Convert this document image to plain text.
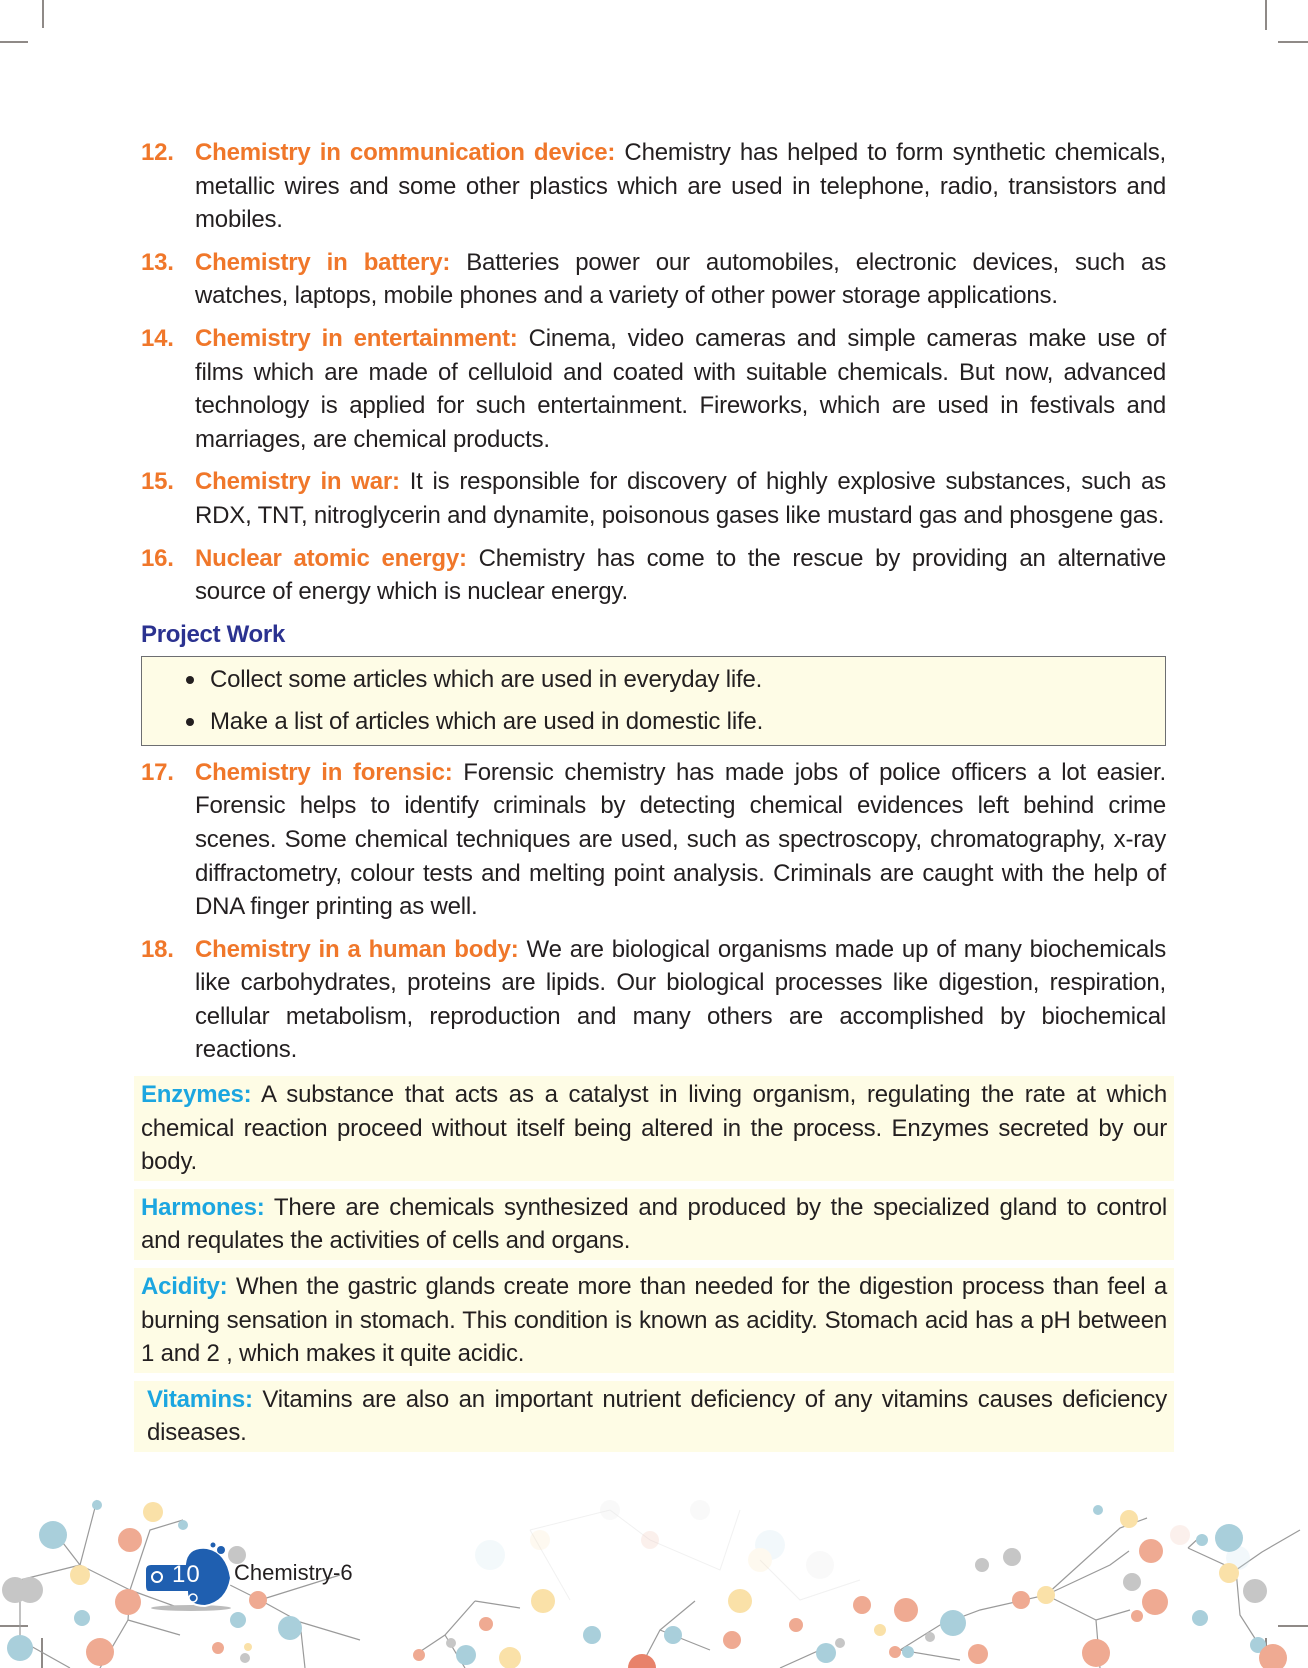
12. Chemistry in communication device: Chemistry has helped to form synthetic chemicals, metallic wires and some other plastics which are used in telephone, radio, transistors and mobiles.
13. Chemistry in battery: Batteries power our automobiles, electronic devices, such as watches, laptops, mobile phones and a variety of other power storage applications.
14. Chemistry in entertainment: Cinema, video cameras and simple cameras make use of films which are made of celluloid and coated with suitable chemicals. But now, advanced technology is applied for such entertainment. Fireworks, which are used in festivals and marriages, are chemical products.
15. Chemistry in war: It is responsible for discovery of highly explosive substances, such as RDX, TNT, nitroglycerin and dynamite, poisonous gases like mustard gas and phosgene gas.
16. Nuclear atomic energy: Chemistry has come to the rescue by providing an alternative source of energy which is nuclear energy.
Project Work
Collect some articles which are used in everyday life.
Make a list of articles which are used in domestic life.
17. Chemistry in forensic: Forensic chemistry has made jobs of police officers a lot easier. Forensic helps to identify criminals by detecting chemical evidences left behind crime scenes. Some chemical techniques are used, such as spectroscopy, chromatography, x-ray diffractometry, colour tests and melting point analysis. Criminals are caught with the help of DNA finger printing as well.
18. Chemistry in a human body: We are biological organisms made up of many biochemicals like carbohydrates, proteins are lipids. Our biological processes like digestion, respiration, cellular metabolism, reproduction and many others are accomplished by biochemical reactions.
Enzymes: A substance that acts as a catalyst in living organism, regulating the rate at which chemical reaction proceed without itself being altered in the process. Enzymes secreted by our body.
Harmones: There are chemicals synthesized and produced by the specialized gland to control and requlates the activities of cells and organs.
Acidity: When the gastric glands create more than needed for the digestion process than feel a burning sensation in stomach. This condition is known as acidity. Stomach acid has a pH between 1 and 2 , which makes it quite acidic.
Vitamins: Vitamins are also an important nutrient deficiency of any vitamins causes deficiency diseases.
10 Chemistry-6
